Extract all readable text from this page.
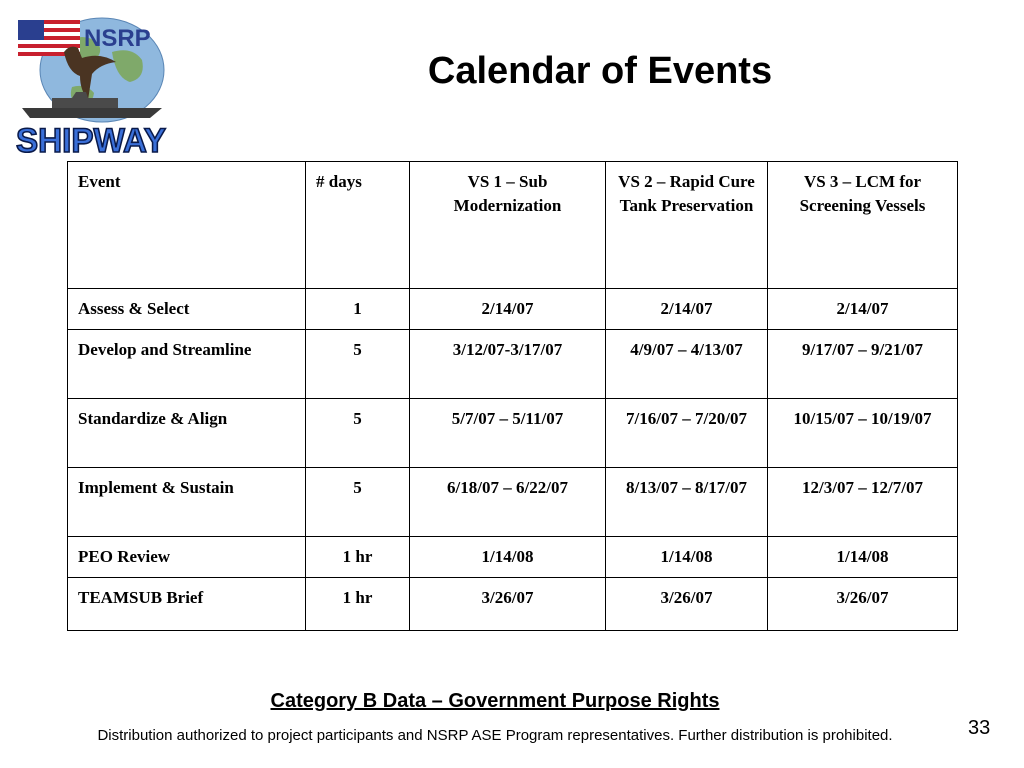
NSRP
SHIPWAY
Calendar of Events
Event	# days	VS 1 – Sub Modernization	VS 2 – Rapid Cure Tank Preservation	VS 3 – LCM for Screening Vessels
Assess & Select	1	2/14/07	2/14/07	2/14/07
Develop and Streamline	5	3/12/07-3/17/07	4/9/07 – 4/13/07	9/17/07 – 9/21/07
Standardize & Align	5	5/7/07 – 5/11/07	7/16/07 – 7/20/07	10/15/07 – 10/19/07
Implement & Sustain	5	6/18/07 – 6/22/07	8/13/07 – 8/17/07	12/3/07 – 12/7/07
PEO Review	1 hr	1/14/08	1/14/08	1/14/08
TEAMSUB Brief	1 hr	3/26/07	3/26/07	3/26/07
Category B Data – Government Purpose Rights
Distribution authorized to project participants and NSRP ASE Program representatives. Further distribution is prohibited.	33
